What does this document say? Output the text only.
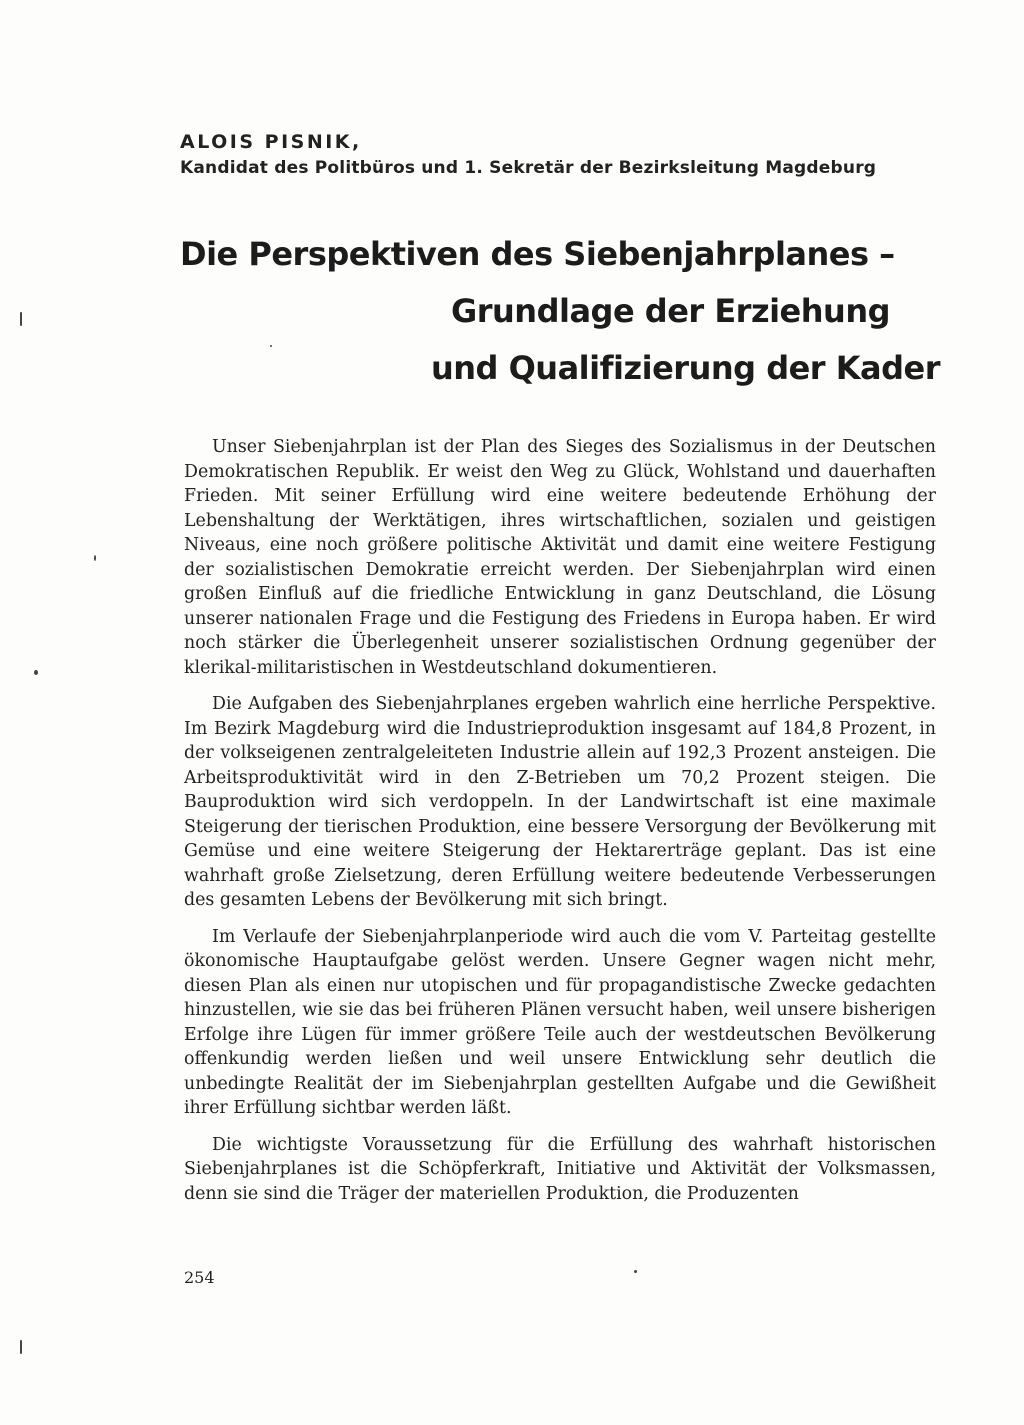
ALOIS PISNIK,
Kandidat des Politbüros und 1. Sekretär der Bezirksleitung Magdeburg
Die Perspektiven des Siebenjahrplanes –
Grundlage der Erziehung
und Qualifizierung der Kader

Unser Siebenjahrplan ist der Plan des Sieges des Sozialismus in der Deutschen Demokratischen Republik. Er weist den Weg zu Glück, Wohlstand und dauerhaften Frieden. Mit seiner Erfüllung wird eine weitere bedeutende Erhöhung der Lebenshaltung der Werktätigen, ihres wirtschaftlichen, sozialen und geistigen Niveaus, eine noch größere politische Aktivität und damit eine weitere Festigung der sozialistischen Demokratie erreicht werden. Der Siebenjahrplan wird einen großen Einfluß auf die friedliche Entwicklung in ganz Deutschland, die Lösung unserer nationalen Frage und die Festigung des Friedens in Europa haben. Er wird noch stärker die Überlegenheit unserer sozialistischen Ordnung gegenüber der klerikal-militaristischen in Westdeutschland dokumentieren.

Die Aufgaben des Siebenjahrplanes ergeben wahrlich eine herrliche Perspektive. Im Bezirk Magdeburg wird die Industrieproduktion insgesamt auf 184,8 Prozent, in der volkseigenen zentralgeleiteten Industrie allein auf 192,3 Prozent ansteigen. Die Arbeitsproduktivität wird in den Z-Betrieben um 70,2 Prozent steigen. Die Bauproduktion wird sich verdoppeln. In der Landwirtschaft ist eine maximale Steigerung der tierischen Produktion, eine bessere Versorgung der Bevölkerung mit Gemüse und eine weitere Steigerung der Hektarerträge geplant. Das ist eine wahrhaft große Zielsetzung, deren Erfüllung weitere bedeutende Verbesserungen des gesamten Lebens der Bevölkerung mit sich bringt.

Im Verlaufe der Siebenjahrplanperiode wird auch die vom V. Parteitag gestellte ökonomische Hauptaufgabe gelöst werden. Unsere Gegner wagen nicht mehr, diesen Plan als einen nur utopischen und für propagandistische Zwecke gedachten hinzustellen, wie sie das bei früheren Plänen versucht haben, weil unsere bisherigen Erfolge ihre Lügen für immer größere Teile auch der westdeutschen Bevölkerung offenkundig werden ließen und weil unsere Entwicklung sehr deutlich die unbedingte Realität der im Siebenjahrplan gestellten Aufgabe und die Gewißheit ihrer Erfüllung sichtbar werden läßt.

Die wichtigste Voraussetzung für die Erfüllung des wahrhaft historischen Siebenjahrplanes ist die Schöpferkraft, Initiative und Aktivität der Volksmassen, denn sie sind die Träger der materiellen Produktion, die Produzenten

254
